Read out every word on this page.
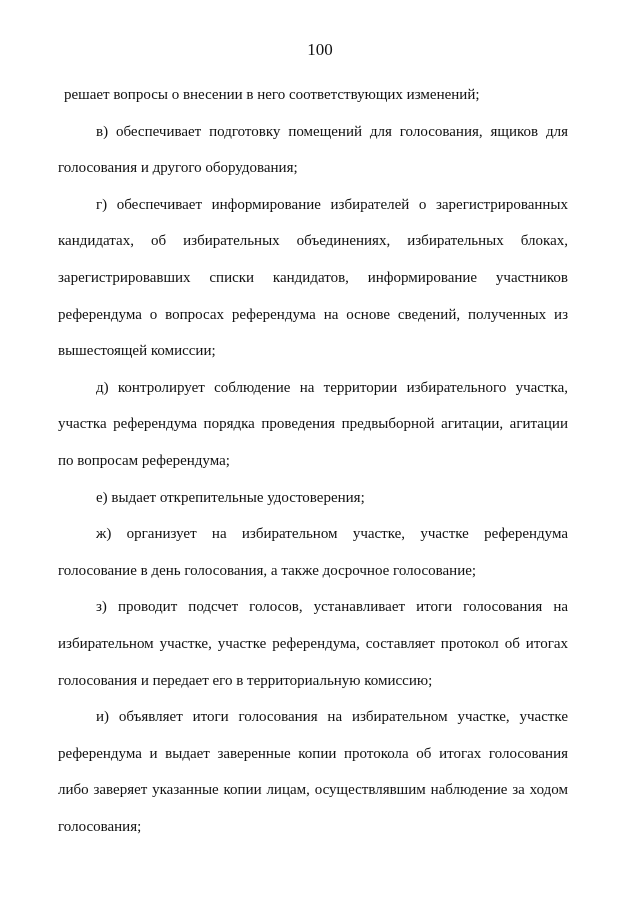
100

решает вопросы о внесении в него соответствующих изменений;

в) обеспечивает подготовку помещений для голосования, ящиков для голосования и другого оборудования;

г) обеспечивает информирование избирателей о зарегистрированных кандидатах, об избирательных объединениях, избирательных блоках, зарегистрировавших списки кандидатов, информирование участников референдума о вопросах референдума на основе сведений, полученных из вышестоящей комиссии;

д) контролирует соблюдение на территории избирательного участка, участка референдума порядка проведения предвыборной агитации, агитации по вопросам референдума;

е) выдает открепительные удостоверения;

ж) организует на избирательном участке, участке референдума голосование в день голосования, а также досрочное голосование;

з) проводит подсчет голосов, устанавливает итоги голосования на избирательном участке, участке референдума, составляет протокол об итогах голосования и передает его в территориальную комиссию;

и) объявляет итоги голосования на избирательном участке, участке референдума и выдает заверенные копии протокола об итогах голосования либо заверяет указанные копии лицам, осуществлявшим наблюдение за ходом голосования;
